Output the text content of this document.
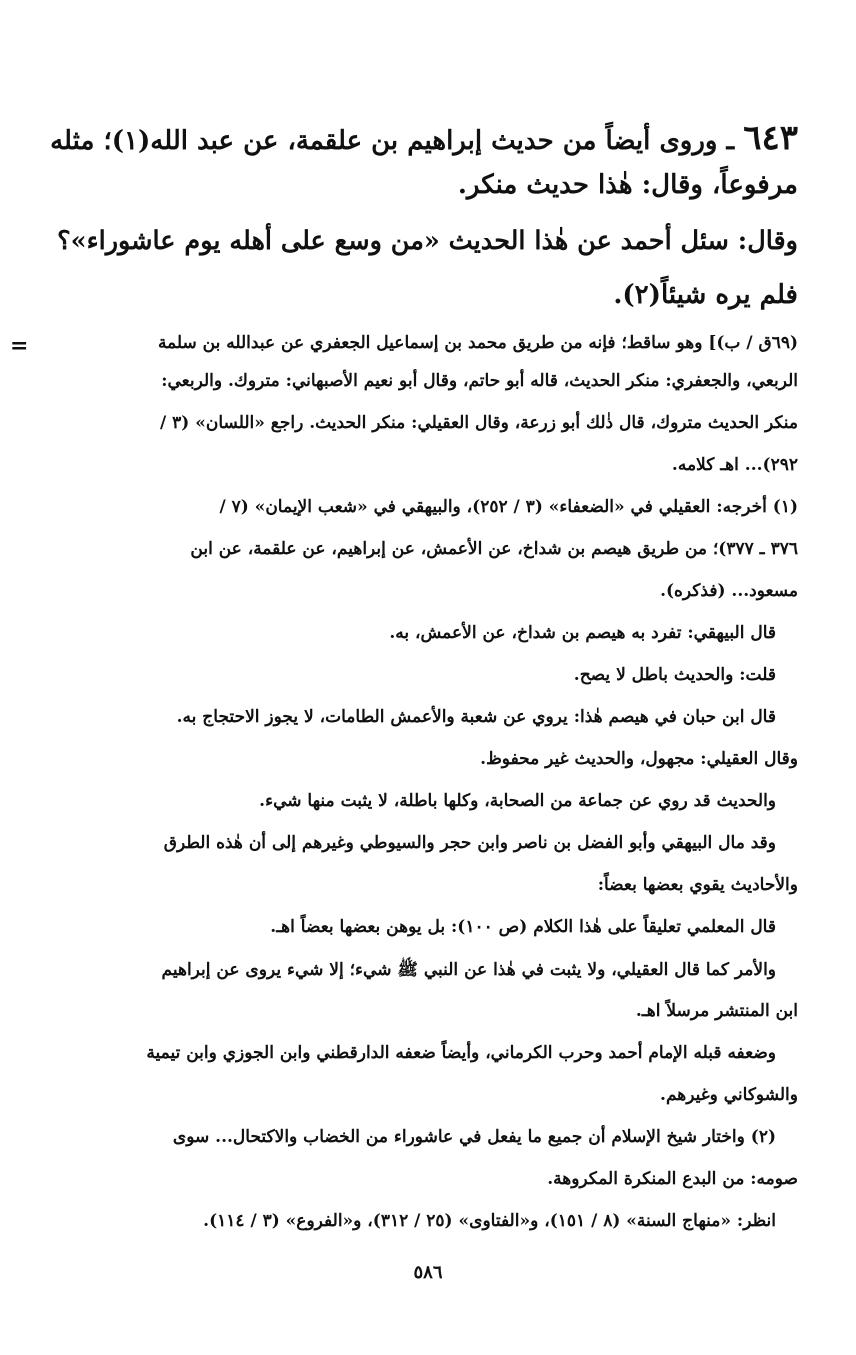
٦٤٣ ـ وروى أيضاً من حديث إبراهيم بن علقمة، عن عبد الله(١)؛ مثله
مرفوعاً، وقال: هٰذا حديث منكر.
وقال: سئل أحمد عن هٰذا الحديث «من وسع على أهله يوم عاشوراء»؟
فلم يره شيئاً(٢).
=	(٦٩ق / ب)] وهو ساقط؛ فإنه من طريق محمد بن إسماعيل الجعفري عن عبدالله بن سلمة
الربعي، والجعفري: منكر الحديث، قاله أبو حاتم، وقال أبو نعيم الأصبهاني: متروك. والربعي:
منكر الحديث متروك، قال ذٰلك أبو زرعة، وقال العقيلي: منكر الحديث. راجع «اللسان» (٣ /
٢٩٢)... اهـ كلامه.
(١) أخرجه: العقيلي في «الضعفاء» (٣ / ٢٥٢)، والبيهقي في «شعب الإيمان» (٧ /
٣٧٦ ـ ٣٧٧)؛ من طريق هيصم بن شداخ، عن الأعمش، عن إبراهيم، عن علقمة، عن ابن
مسعود... (فذكره).
قال البيهقي: تفرد به هيصم بن شداخ، عن الأعمش، به.
قلت: والحديث باطل لا يصح.
قال ابن حبان في هيصم هٰذا: يروي عن شعبة والأعمش الطامات، لا يجوز الاحتجاج به.
وقال العقيلي: مجهول، والحديث غير محفوظ.
والحديث قد روي عن جماعة من الصحابة، وكلها باطلة، لا يثبت منها شيء.
وقد مال البيهقي وأبو الفضل بن ناصر وابن حجر والسيوطي وغيرهم إلى أن هٰذه الطرق
والأحاديث يقوي بعضها بعضاً:
قال المعلمي تعليقاً على هٰذا الكلام (ص ١٠٠): بل يوهن بعضها بعضاً اهـ.
والأمر كما قال العقيلي، ولا يثبت في هٰذا عن النبي ﷺ شيء؛ إلا شيء يروى عن إبراهيم
ابن المنتشر مرسلاً اهـ.
وضعفه قبله الإمام أحمد وحرب الكرماني، وأيضاً ضعفه الدارقطني وابن الجوزي وابن تيمية
والشوكاني وغيرهم.
(٢) واختار شيخ الإسلام أن جميع ما يفعل في عاشوراء من الخضاب والاكتحال... سوى
صومه: من البدع المنكرة المكروهة.
انظر: «منهاج السنة» (٨ / ١٥١)، و«الفتاوى» (٢٥ / ٣١٢)، و«الفروع» (٣ / ١١٤).
٥٨٦
